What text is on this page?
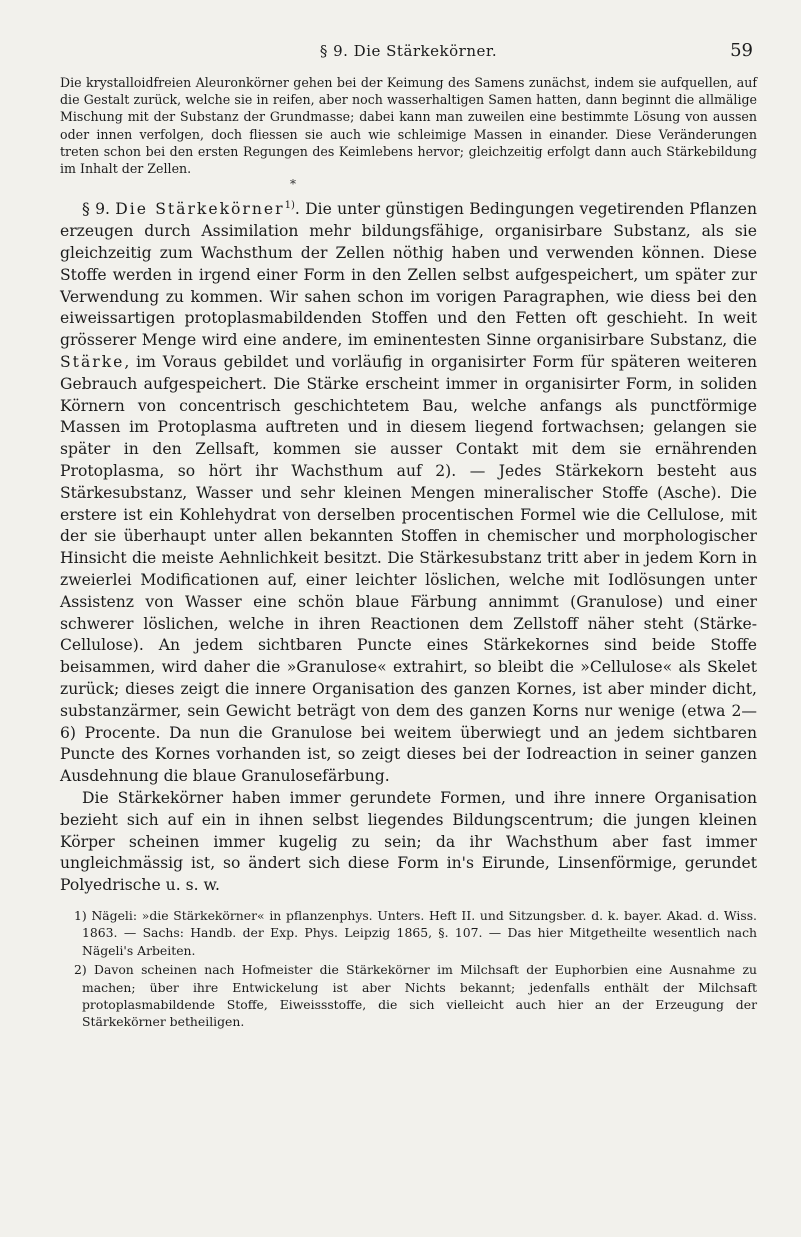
§ 9. Die Stärkekörner.	59

Die krystalloidfreien Aleuronkörner gehen bei der Keimung des Samens zunächst, indem sie aufquellen, auf die Gestalt zurück, welche sie in reifen, aber noch wasserhaltigen Samen hatten, dann beginnt die allmälige Mischung mit der Substanz der Grundmasse; dabei kann man zuweilen eine bestimmte Lösung von aussen oder innen verfolgen, doch fliessen sie auch wie schleimige Massen in einander. Diese Veränderungen treten schon bei den ersten Regungen des Keimlebens hervor; gleichzeitig erfolgt dann auch Stärkebildung im Inhalt der Zellen.

*

§ 9. Die Stärkekörner$^{1)}$. Die unter günstigen Bedingungen vegetirenden Pflanzen erzeugen durch Assimilation mehr bildungsfähige, organisirbare Substanz, als sie gleichzeitig zum Wachsthum der Zellen nöthig haben und verwenden können. Diese Stoffe werden in irgend einer Form in den Zellen selbst aufgespeichert, um später zur Verwendung zu kommen. Wir sahen schon im vorigen Paragraphen, wie diess bei den eiweissartigen protoplasmabildenden Stoffen und den Fetten oft geschieht. In weit grösserer Menge wird eine andere, im eminentesten Sinne organisirbare Substanz, die Stärke, im Voraus gebildet und vorläufig in organisirter Form für späteren weiteren Gebrauch aufgespeichert. Die Stärke erscheint immer in organisirter Form, in soliden Körnern von concentrisch geschichtetem Bau, welche anfangs als punctförmige Massen im Protoplasma auftreten und in diesem liegend fortwachsen; gelangen sie später in den Zellsaft, kommen sie ausser Contakt mit dem sie ernährenden Protoplasma, so hört ihr Wachsthum auf 2). — Jedes Stärkekorn besteht aus Stärkesubstanz, Wasser und sehr kleinen Mengen mineralischer Stoffe (Asche). Die erstere ist ein Kohlehydrat von derselben procentischen Formel wie die Cellulose, mit der sie überhaupt unter allen bekannten Stoffen in chemischer und morphologischer Hinsicht die meiste Aehnlichkeit besitzt. Die Stärkesubstanz tritt aber in jedem Korn in zweierlei Modificationen auf, einer leichter löslichen, welche mit Iodlösungen unter Assistenz von Wasser eine schön blaue Färbung annimmt (Granulose) und einer schwerer löslichen, welche in ihren Reactionen dem Zellstoff näher steht (Stärke-Cellulose). An jedem sichtbaren Puncte eines Stärkekornes sind beide Stoffe beisammen, wird daher die »Granulose« extrahirt, so bleibt die »Cellulose« als Skelet zurück; dieses zeigt die innere Organisation des ganzen Kornes, ist aber minder dicht, substanzärmer, sein Gewicht beträgt von dem des ganzen Korns nur wenige (etwa 2—6) Procente. Da nun die Granulose bei weitem überwiegt und an jedem sichtbaren Puncte des Kornes vorhanden ist, so zeigt dieses bei der Iodreaction in seiner ganzen Ausdehnung die blaue Granulosefärbung.

Die Stärkekörner haben immer gerundete Formen, und ihre innere Organisation bezieht sich auf ein in ihnen selbst liegendes Bildungscentrum; die jungen kleinen Körper scheinen immer kugelig zu sein; da ihr Wachsthum aber fast immer ungleichmässig ist, so ändert sich diese Form in's Eirunde, Linsenförmige, gerundet Polyedrische u. s. w.

1) Nägeli: »die Stärkekörner« in pflanzenphys. Unters. Heft II. und Sitzungsber. d. k. bayer. Akad. d. Wiss. 1863. — Sachs: Handb. der Exp. Phys. Leipzig 1865, §. 107. — Das hier Mitgetheilte wesentlich nach Nägeli's Arbeiten.

2) Davon scheinen nach Hofmeister die Stärkekörner im Milchsaft der Euphorbien eine Ausnahme zu machen; über ihre Entwickelung ist aber Nichts bekannt; jedenfalls enthält der Milchsaft protoplasmabildende Stoffe, Eiweissstoffe, die sich vielleicht auch hier an der Erzeugung der Stärkekörner betheiligen.
